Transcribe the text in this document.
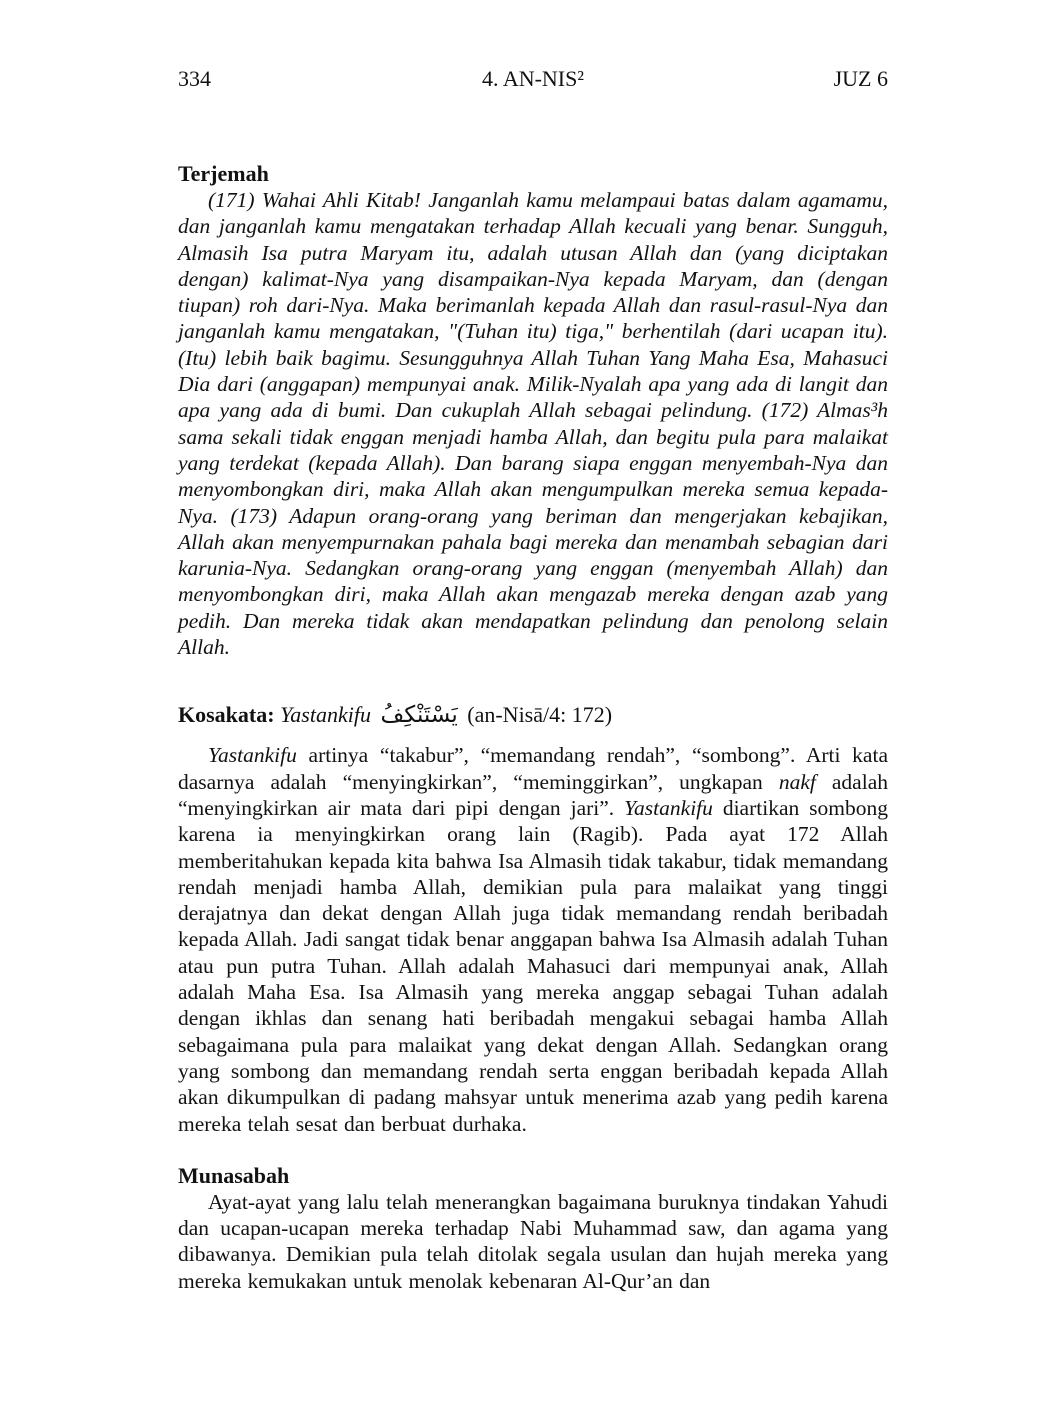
334	4. AN-NIS²	JUZ 6
Terjemah

(171) Wahai Ahli Kitab! Janganlah kamu melampaui batas dalam agamamu, dan janganlah kamu mengatakan terhadap Allah kecuali yang benar. Sungguh, Almasih Isa putra Maryam itu, adalah utusan Allah dan (yang diciptakan dengan) kalimat-Nya yang disampaikan-Nya kepada Maryam, dan (dengan tiupan) roh dari-Nya. Maka berimanlah kepada Allah dan rasul-rasul-Nya dan janganlah kamu mengatakan, "(Tuhan itu) tiga," berhentilah (dari ucapan itu). (Itu) lebih baik bagimu. Sesungguhnya Allah Tuhan Yang Maha Esa, Mahasuci Dia dari (anggapan) mempunyai anak. Milik-Nyalah apa yang ada di langit dan apa yang ada di bumi. Dan cukuplah Allah sebagai pelindung. (172) Almas³h sama sekali tidak enggan menjadi hamba Allah, dan begitu pula para malaikat yang terdekat (kepada Allah). Dan barang siapa enggan menyembah-Nya dan menyombongkan diri, maka Allah akan mengumpulkan mereka semua kepada-Nya. (173) Adapun orang-orang yang beriman dan mengerjakan kebajikan, Allah akan menyempurnakan pahala bagi mereka dan menambah sebagian dari karunia-Nya. Sedangkan orang-orang yang enggan (menyembah Allah) dan menyombongkan diri, maka Allah akan mengazab mereka dengan azab yang pedih. Dan mereka tidak akan mendapatkan pelindung dan penolong selain Allah.

Kosakata: Yastankifu يَسْتَنْكِفُ (an-Nisā/4: 172)

Yastankifu artinya “takabur”, “memandang rendah”, “sombong”. Arti kata dasarnya adalah “menyingkirkan”, “meminggirkan”, ungkapan nakf adalah “menyingkirkan air mata dari pipi dengan jari”. Yastankifu diartikan sombong karena ia menyingkirkan orang lain (Ragib). Pada ayat 172 Allah memberitahukan kepada kita bahwa Isa Almasih tidak takabur, tidak memandang rendah menjadi hamba Allah, demikian pula para malaikat yang tinggi derajatnya dan dekat dengan Allah juga tidak memandang rendah beribadah kepada Allah. Jadi sangat tidak benar anggapan bahwa Isa Almasih adalah Tuhan atau pun putra Tuhan. Allah adalah Mahasuci dari mempunyai anak, Allah adalah Maha Esa. Isa Almasih yang mereka anggap sebagai Tuhan adalah dengan ikhlas dan senang hati beribadah mengakui sebagai hamba Allah sebagaimana pula para malaikat yang dekat dengan Allah. Sedangkan orang yang sombong dan memandang rendah serta enggan beribadah kepada Allah akan dikumpulkan di padang mahsyar untuk menerima azab yang pedih karena mereka telah sesat dan berbuat durhaka.

Munasabah

Ayat-ayat yang lalu telah menerangkan bagaimana buruknya tindakan Yahudi dan ucapan-ucapan mereka terhadap Nabi Muhammad saw, dan agama yang dibawanya. Demikian pula telah ditolak segala usulan dan hujah mereka yang mereka kemukakan untuk menolak kebenaran Al-Qur’an dan
